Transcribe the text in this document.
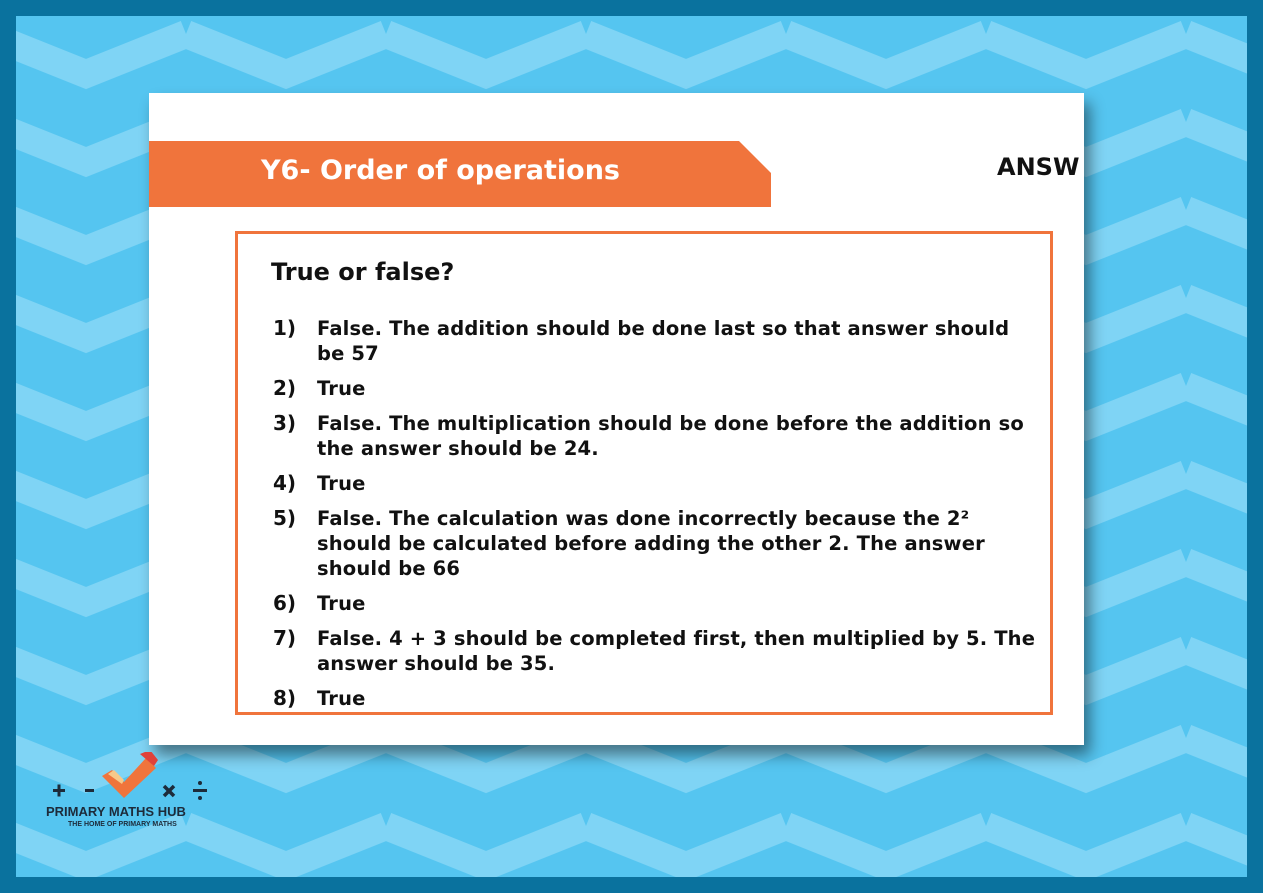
Y6- Order of operations	ANSW
True or false?
1)	False. The addition should be done last so that answer should be 57
2)	True
3)	False. The multiplication should be done before the addition so the answer should be 24.
4)	True
5)	False. The calculation was done incorrectly because the 2² should be calculated before adding the other 2. The answer should be 66
6)	True
7)	False. 4 + 3 should be completed first, then multiplied by 5. The answer should be 35.
8)	True
PRIMARY MATHS HUB
THE HOME OF PRIMARY MATHS
